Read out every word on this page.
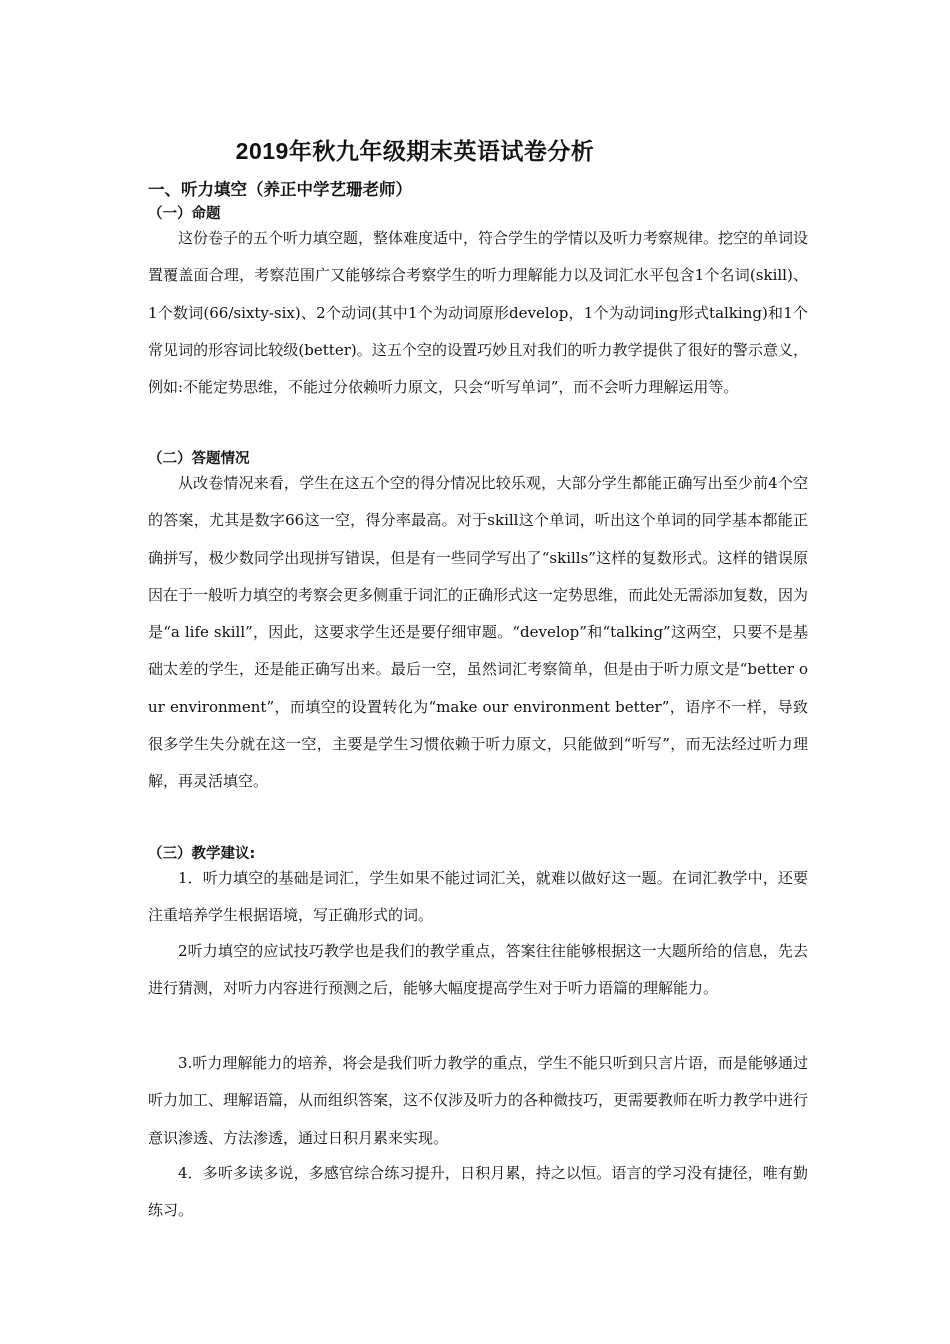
2019年秋九年级期末英语试卷分析
一、听力填空（养正中学艺珊老师）
（一）命题
这份卷子的五个听力填空题，整体难度适中，符合学生的学情以及听力考察规律。挖空的单词设置覆盖面合理，考察范围广又能够综合考察学生的听力理解能力以及词汇水平包含1个名词(skill)、1个数词(66/sixty-six)、2个动词(其中1个为动词原形develop，1个为动词ing形式talking)和1个常见词的形容词比较级(better)。这五个空的设置巧妙且对我们的听力教学提供了很好的警示意义，例如:不能定势思维，不能过分依赖听力原文，只会“听写单词”，而不会听力理解运用等。
（二）答题情况
从改卷情况来看，学生在这五个空的得分情况比较乐观，大部分学生都能正确写出至少前4个空的答案，尤其是数字66这一空，得分率最高。对于skill这个单词，听出这个单词的同学基本都能正确拼写，极少数同学出现拼写错误，但是有一些同学写出了“skills”这样的复数形式。这样的错误原因在于一般听力填空的考察会更多侧重于词汇的正确形式这一定势思维，而此处无需添加复数，因为是“a life skill”，因此，这要求学生还是要仔细审题。“develop”和“talking”这两空，只要不是基础太差的学生，还是能正确写出来。最后一空，虽然词汇考察简单，但是由于听力原文是“better our environment”，而填空的设置转化为“make our environment better”，语序不一样，导致很多学生失分就在这一空，主要是学生习惯依赖于听力原文，只能做到“听写”，而无法经过听力理解，再灵活填空。
（三）教学建议:
1．听力填空的基础是词汇，学生如果不能过词汇关，就难以做好这一题。在词汇教学中，还要注重培养学生根据语境，写正确形式的词。
2听力填空的应试技巧教学也是我们的教学重点，答案往往能够根据这一大题所给的信息，先去进行猜测，对听力内容进行预测之后，能够大幅度提高学生对于听力语篇的理解能力。
3.听力理解能力的培养，将会是我们听力教学的重点，学生不能只听到只言片语，而是能够通过听力加工、理解语篇，从而组织答案，这不仅涉及听力的各种微技巧，更需要教师在听力教学中进行意识渗透、方法渗透，通过日积月累来实现。
4．多听多读多说，多感官综合练习提升，日积月累，持之以恒。语言的学习没有捷径，唯有勤练习。
